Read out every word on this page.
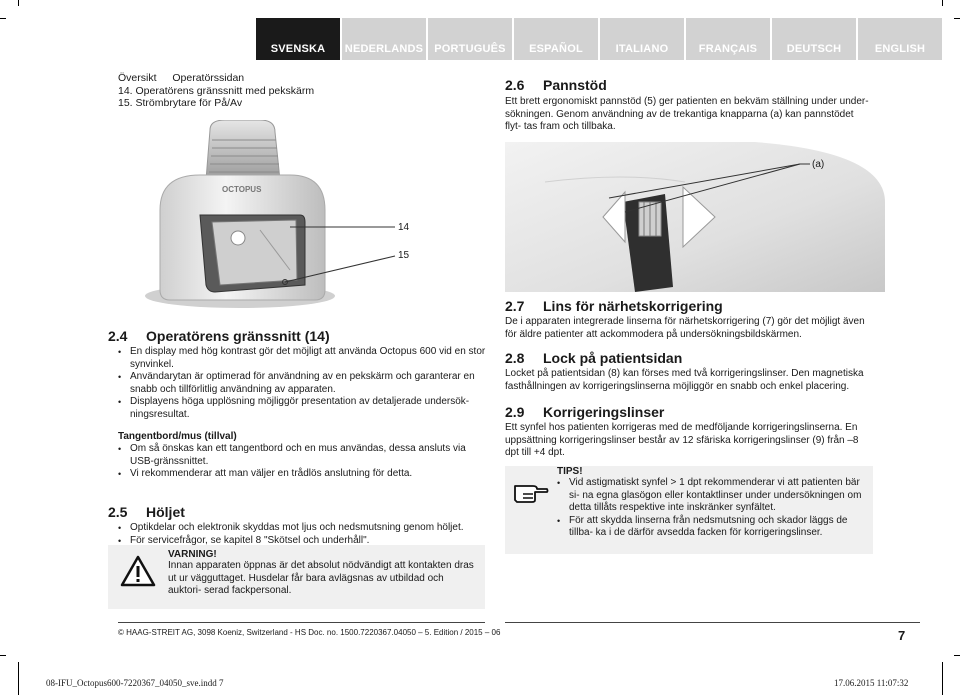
SVENSKA	NEDERLANDS	PORTUGUÊS	ESPAÑOL	ITALIANO	FRANÇAIS	DEUTSCH	ENGLISH
Översikt Operatörssidan
14. Operatörens gränssnitt med pekskärm
15. Strömbrytare för På/Av
OCTOPUS
14
15
2.6 Pannstöd
Ett brett ergonomiskt pannstöd (5) ger patienten en bekväm ställning under under- sökningen. Genom användning av de trekantiga knapparna (a) kan pannstödet flyt- tas fram och tillbaka.
(a)
2.4 Operatörens gränssnitt (14)
• En display med hög kontrast gör det möjligt att använda Octopus 600 vid en stor synvinkel.
• Användarytan är optimerad för användning av en pekskärm och garanterar en snabb och tillförlitlig användning av apparaten.
• Displayens höga upplösning möjliggör presentation av detaljerade undersök- ningsresultat.
Tangentbord/mus (tillval)
• Om så önskas kan ett tangentbord och en mus användas, dessa ansluts via USB-gränssnittet.
• Vi rekommenderar att man väljer en trådlös anslutning för detta.
2.5 Höljet
• Optikdelar och elektronik skyddas mot ljus och nedsmutsning genom höljet.
• För servicefrågor, se kapitel 8 "Skötsel och underhåll".
VARNING!
Innan apparaten öppnas är det absolut nödvändigt att kontakten dras ut ur vägguttaget. Husdelar får bara avlägsnas av utbildad och auktori- serad fackpersonal.
2.7 Lins för närhetskorrigering
De i apparaten integrerade linserna för närhetskorrigering (7) gör det möjligt även för äldre patienter att ackommodera på undersökningsbildskärmen.
2.8 Lock på patientsidan
Locket på patientsidan (8) kan förses med två korrigeringslinser. Den magnetiska fasthållningen av korrigeringslinserna möjliggör en snabb och enkel placering.
2.9 Korrigeringslinser
Ett synfel hos patienten korrigeras med de medföljande korrigeringslinserna. En uppsättning korrigeringslinser består av 12 sfäriska korrigeringslinser (9) från –8 dpt till +4 dpt.
TIPS!
• Vid astigmatiskt synfel > 1 dpt rekommenderar vi att patienten bär si- na egna glasögon eller kontaktlinser under undersökningen om detta tillåts respektive inte inskränker synfältet.
• För att skydda linserna från nedsmutsning och skador läggs de tillba- ka i de därför avsedda facken för korrigeringslinser.
© HAAG-STREIT AG, 3098 Koeniz, Switzerland - HS Doc. no. 1500.7220367.04050 – 5. Edition / 2015 – 06	7
08-IFU_Octopus600-7220367_04050_sve.indd 7	17.06.2015 11:07:32
